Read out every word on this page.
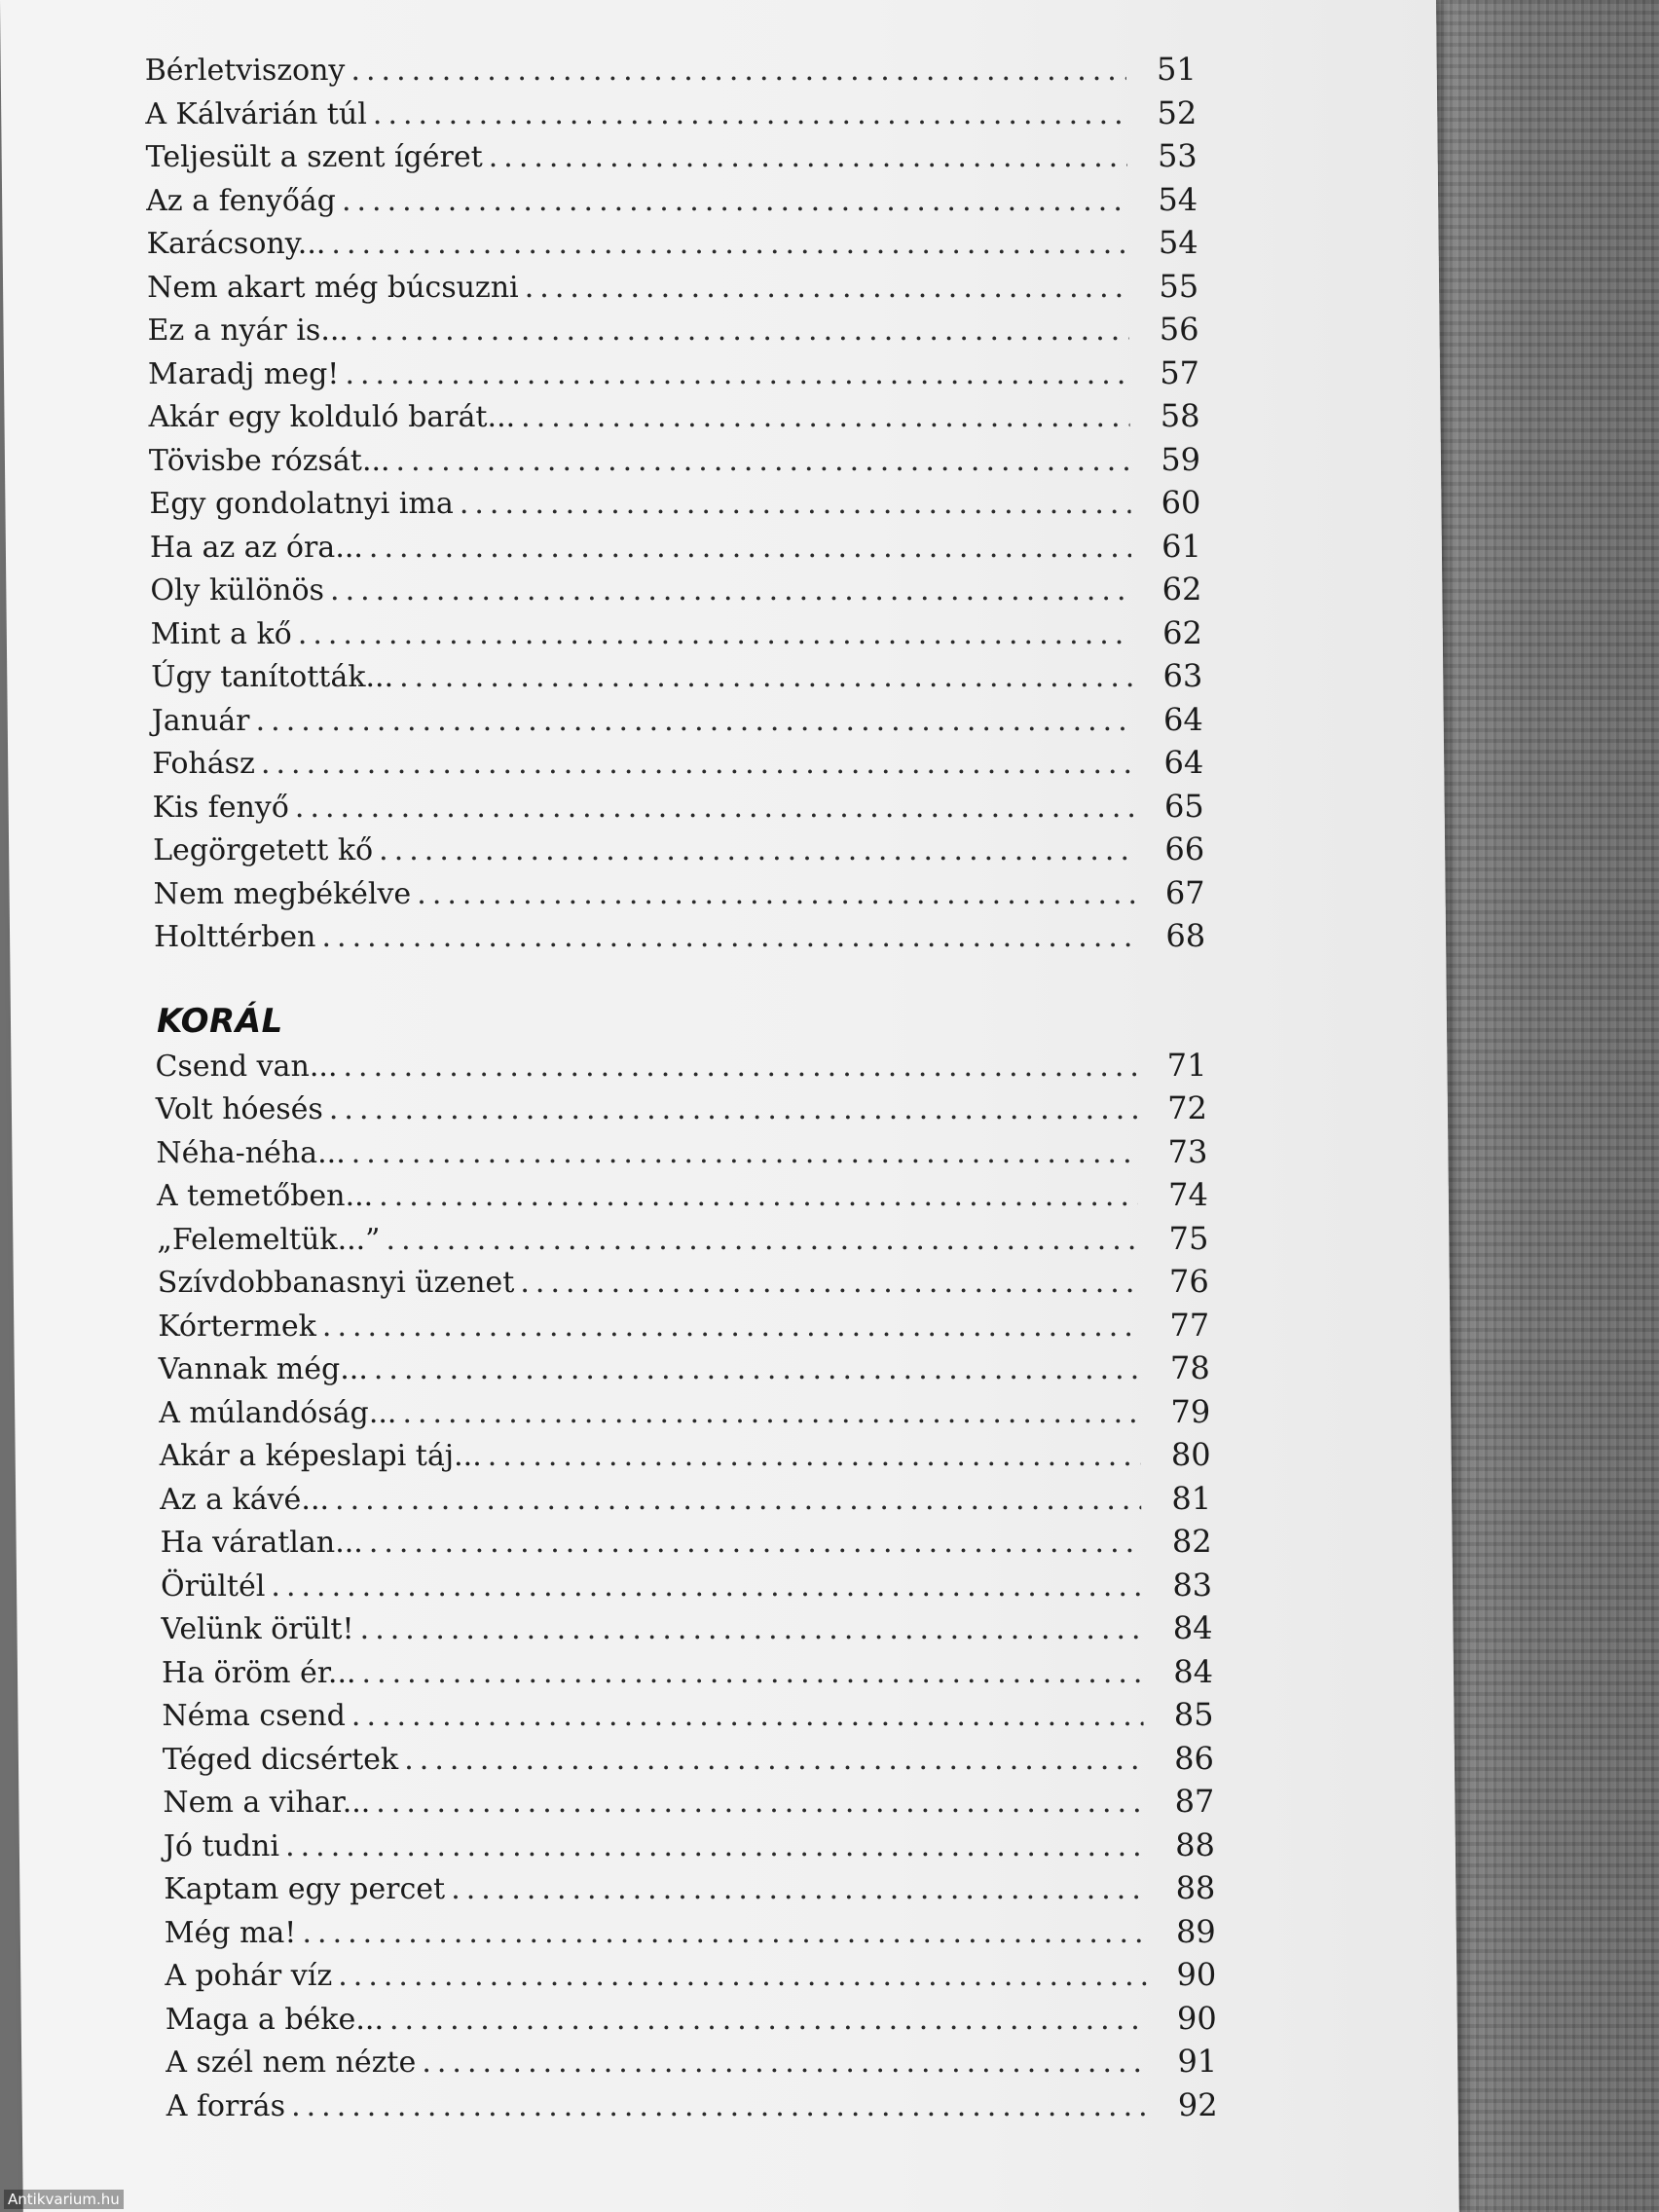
Bérletviszony .....	51
A Kálvárián túl .....	52
Teljesült a szent ígéret .....	53
Az a fenyőág .....	54
Karácsony... .....	54
Nem akart még búcsuzni .....	55
Ez a nyár is... .....	56
Maradj meg! .....	57
Akár egy kolduló barát... .....	58
Tövisbe rózsát... .....	59
Egy gondolatnyi ima .....	60
Ha az az óra... .....	61
Oly különös .....	62
Mint a kő .....	62
Úgy tanították... .....	63
Január .....	64
Fohász .....	64
Kis fenyő .....	65
Legörgetett kő .....	66
Nem megbékélve .....	67
Holttérben .....	68
KORÁL
Csend van... .....	71
Volt hóesés .....	72
Néha-néha... .....	73
A temetőben... .....	74
„Felemeltük...” .....	75
Szívdobbanasnyi üzenet .....	76
Kórtermek .....	77
Vannak még... .....	78
A múlandóság... .....	79
Akár a képeslapi táj... .....	80
Az a kávé... .....	81
Ha váratlan... .....	82
Örültél .....	83
Velünk örült! .....	84
Ha öröm ér... .....	84
Néma csend .....	85
Téged dicsértek .....	86
Nem a vihar... .....	87
Jó tudni .....	88
Kaptam egy percet .....	88
Még ma! .....	89
A pohár víz .....	90
Maga a béke... .....	90
A szél nem nézte .....	91
A forrás .....	92
Antikvarium.hu
